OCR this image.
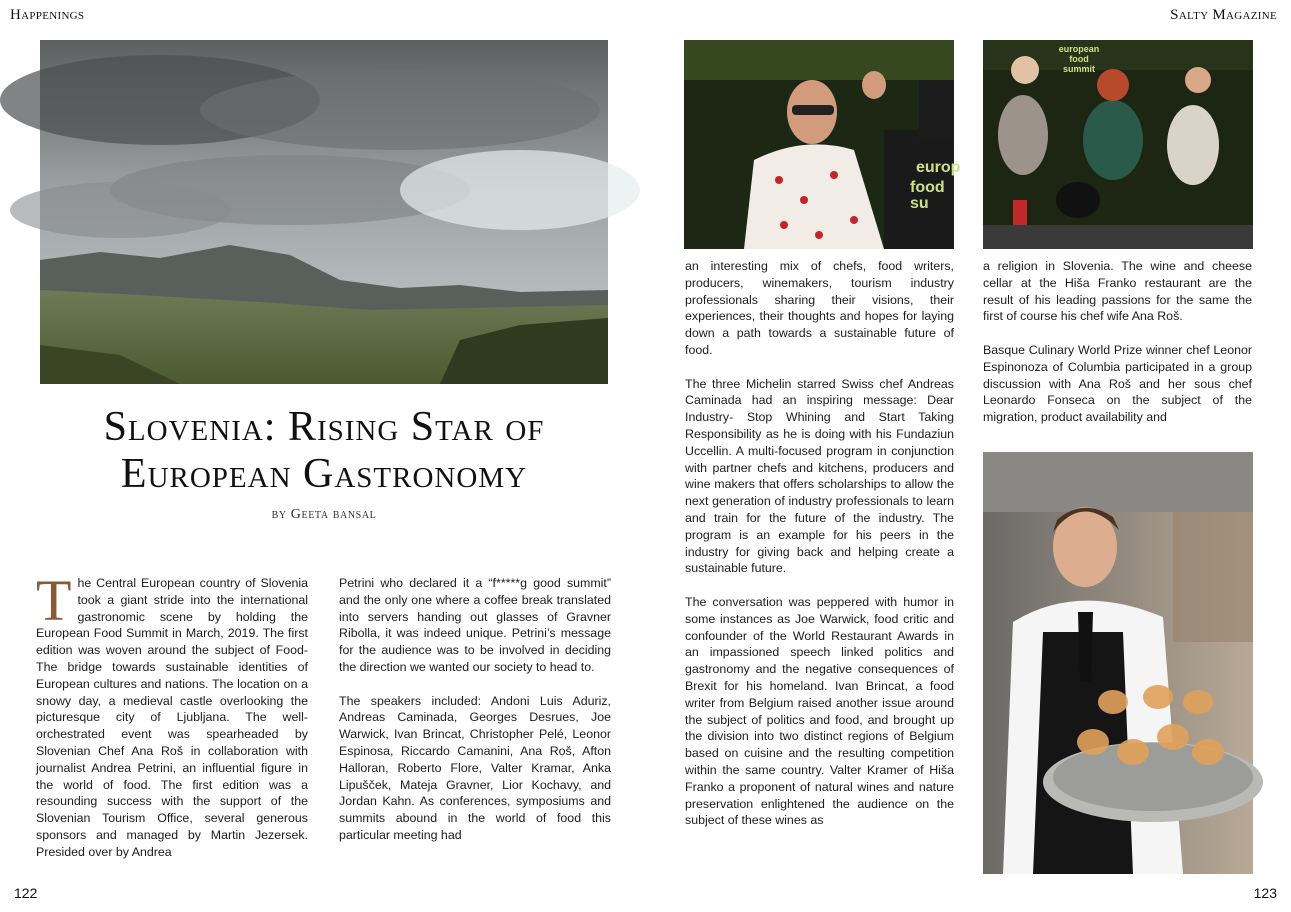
Happenings	Salty Magazine
Slovenia: Rising Star of European Gastronomy
by Geeta bansal

The Central European country of Slovenia took a giant stride into the international gastronomic scene by holding the European Food Summit in March, 2019. The first edition was woven around the subject of Food- The bridge towards sustainable identities of European cultures and nations. The location on a snowy day, a medieval castle overlooking the picturesque city of Ljubljana. The well-orchestrated event was spearheaded by Slovenian Chef Ana Roš in collaboration with journalist Andrea Petrini, an influential figure in the world of food. The first edition was a resounding success with the support of the Slovenian Tourism Office, several generous sponsors and managed by Martin Jezersek. Presided over by Andrea

Petrini who declared it a “f*****g good summit” and the only one where a coffee break translated into servers handing out glasses of Gravner Ribolla, it was indeed unique. Petrini’s message for the audience was to be involved in deciding the direction we wanted our society to head to.

The speakers included: Andoni Luis Aduriz, Andreas Caminada, Georges Desrues, Joe Warwick, Ivan Brincat, Christopher Pelé, Leonor Espinosa, Riccardo Camanini, Ana Roš, Afton Halloran, Roberto Flore, Valter Kramar, Anka Lipušček, Mateja Gravner, Lior Kochavy, and Jordan Kahn. As conferences, symposiums and summits abound in the world of food this particular meeting had

europ
food su

an interesting mix of chefs, food writers, producers, winemakers, tourism industry professionals sharing their visions, their experiences, their thoughts and hopes for laying down a path towards a sustainable future of food.

The three Michelin starred Swiss chef Andreas Caminada had an inspiring message: Dear Industry- Stop Whining and Start Taking Responsibility as he is doing with his Fundaziun Uccellin. A multi-focused program in conjunction with partner chefs and kitchens, producers and wine makers that offers scholarships to allow the next generation of industry professionals to learn and train for the future of the industry. The program is an example for his peers in the industry for giving back and helping create a sustainable future.

The conversation was peppered with humor in some instances as Joe Warwick, food critic and confounder of the World Restaurant Awards in an impassioned speech linked politics and gastronomy and the negative consequences of Brexit for his homeland. Ivan Brincat, a food writer from Belgium raised another issue around the subject of politics and food, and brought up the division into two distinct regions of Belgium based on cuisine and the resulting competition within the same country. Valter Kramer of Hiša Franko a proponent of natural wines and nature preservation enlightened the audience on the subject of these wines as

european
food summit

a religion in Slovenia. The wine and cheese cellar at the Hiša Franko restaurant are the result of his leading passions for the same the first of course his chef wife Ana Roš.

Basque Culinary World Prize winner chef Leonor Espinonoza of Columbia participated in a group discussion with Ana Roš and her sous chef Leonardo Fonseca on the subject of the migration, product availability and

122	123
